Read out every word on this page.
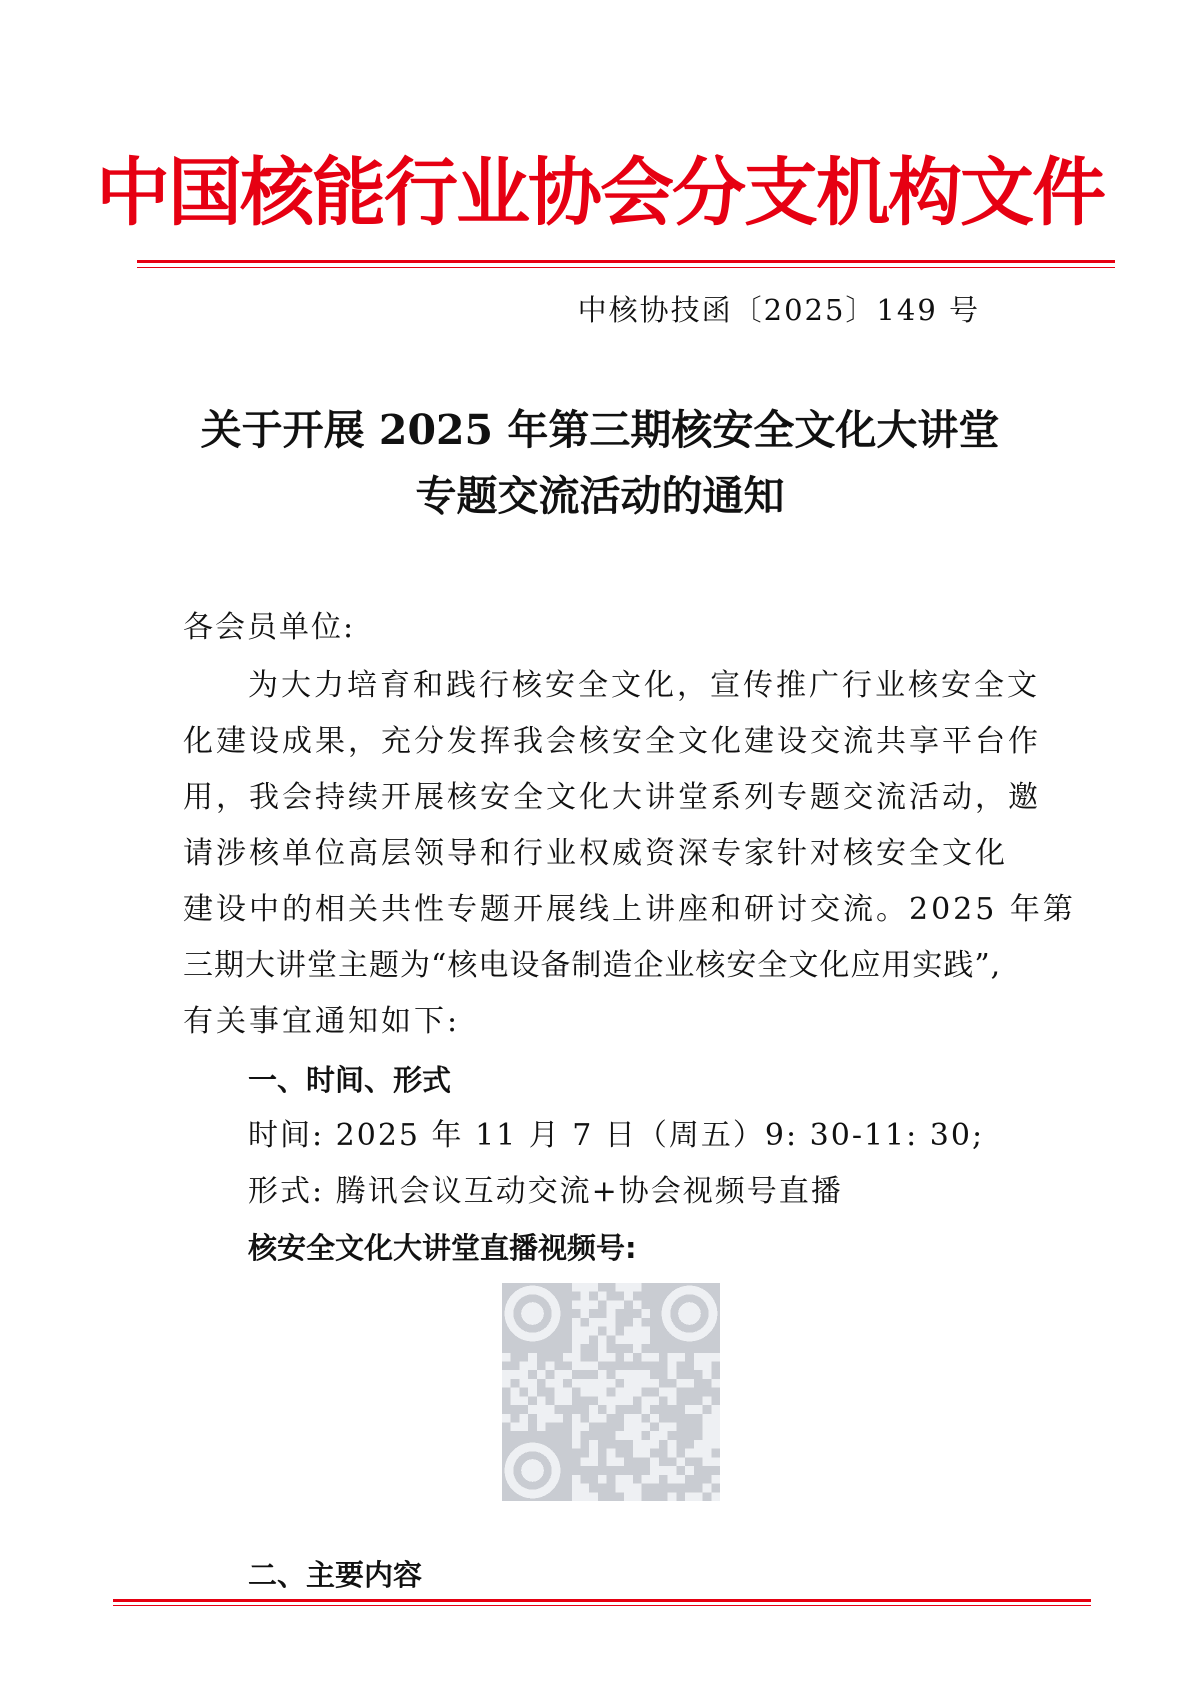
中国核能行业协会分支机构文件
中核协技函〔2025〕149 号
关于开展 2025 年第三期核安全文化大讲堂
专题交流活动的通知
各会员单位:
为大力培育和践行核安全文化，宣传推广行业核安全文
化建设成果，充分发挥我会核安全文化建设交流共享平台作
用，我会持续开展核安全文化大讲堂系列专题交流活动，邀
请涉核单位高层领导和行业权威资深专家针对核安全文化
建设中的相关共性专题开展线上讲座和研讨交流。2025 年第
三期大讲堂主题为“核电设备制造企业核安全文化应用实践”,
有关事宜通知如下:
一、时间、形式
时间: 2025 年 11 月 7 日（周五）9: 30-11: 30;
形式: 腾讯会议互动交流+协会视频号直播
核安全文化大讲堂直播视频号:
二、主要内容
